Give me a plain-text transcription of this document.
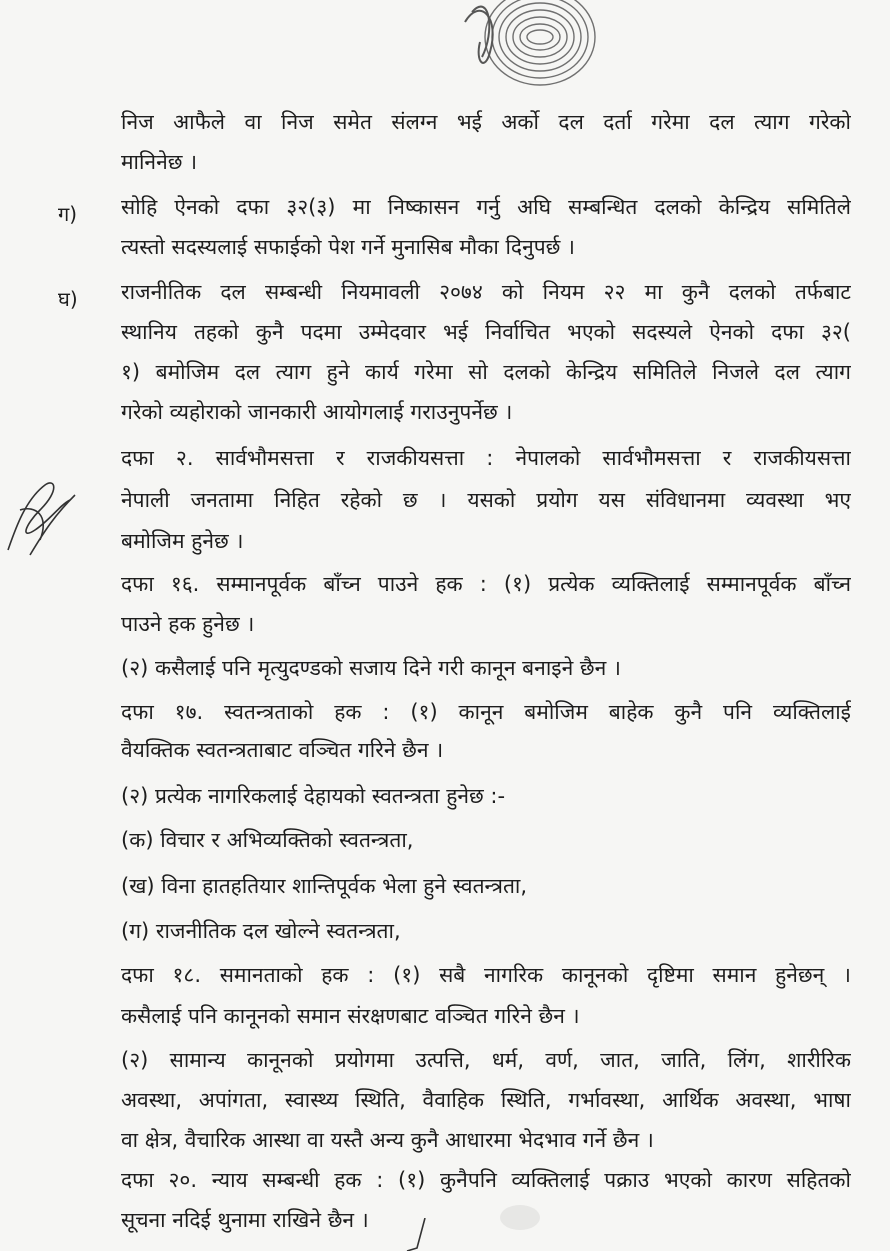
ग)
घ)
निज आफैले वा निज समेत संलग्न भई अर्को दल दर्ता गरेमा दल त्याग गरेको
मानिनेछ ।
सोहि ऐनको दफा ३२(३) मा निष्कासन गर्नु अघि सम्बन्धित दलको केन्द्रिय समितिले
त्यस्तो सदस्यलाई सफाईको पेश गर्ने मुनासिब मौका दिनुपर्छ ।
राजनीतिक दल सम्बन्धी नियमावली २०७४ को नियम २२ मा कुनै दलको तर्फबाट
स्थानिय तहको कुनै पदमा उम्मेदवार भई निर्वाचित भएको सदस्यले ऐनको दफा ३२(
१) बमोजिम दल त्याग हुने कार्य गरेमा सो दलको केन्द्रिय समितिले निजले दल त्याग
गरेको व्यहोराको जानकारी आयोगलाई गराउनुपर्नेछ ।
दफा २. सार्वभौमसत्ता र राजकीयसत्ता : नेपालको सार्वभौमसत्ता र राजकीयसत्ता
नेपाली जनतामा निहित रहेको छ । यसको प्रयोग यस संविधानमा व्यवस्था भए
बमोजिम हुनेछ ।
दफा १६. सम्मानपूर्वक बाँच्न पाउने हक : (१) प्रत्येक व्यक्तिलाई सम्मानपूर्वक बाँच्न
पाउने हक हुनेछ ।
(२) कसैलाई पनि मृत्युदण्डको सजाय दिने गरी कानून बनाइने छैन ।
दफा १७. स्वतन्त्रताको हक : (१) कानून बमोजिम बाहेक कुनै पनि व्यक्तिलाई
वैयक्तिक स्वतन्त्रताबाट वञ्चित गरिने छैन ।
(२) प्रत्येक नागरिकलाई देहायको स्वतन्त्रता हुनेछ :-
(क) विचार र अभिव्यक्तिको स्वतन्त्रता,
(ख) विना हातहतियार शान्तिपूर्वक भेला हुने स्वतन्त्रता,
(ग) राजनीतिक दल खोल्ने स्वतन्त्रता,
दफा १८. समानताको हक : (१) सबै नागरिक कानूनको दृष्टिमा समान हुनेछन् ।
कसैलाई पनि कानूनको समान संरक्षणबाट वञ्चित गरिने छैन ।
(२) सामान्य कानूनको प्रयोगमा उत्पत्ति, धर्म, वर्ण, जात, जाति, लिंग, शारीरिक
अवस्था, अपांगता, स्वास्थ्य स्थिति, वैवाहिक स्थिति, गर्भावस्था, आर्थिक अवस्था, भाषा
वा क्षेत्र, वैचारिक आस्था वा यस्तै अन्य कुनै आधारमा भेदभाव गर्ने छैन ।
दफा २०. न्याय सम्बन्धी हक : (१) कुनैपनि व्यक्तिलाई पक्राउ भएको कारण सहितको
सूचना नदिई थुनामा राखिने छैन ।
